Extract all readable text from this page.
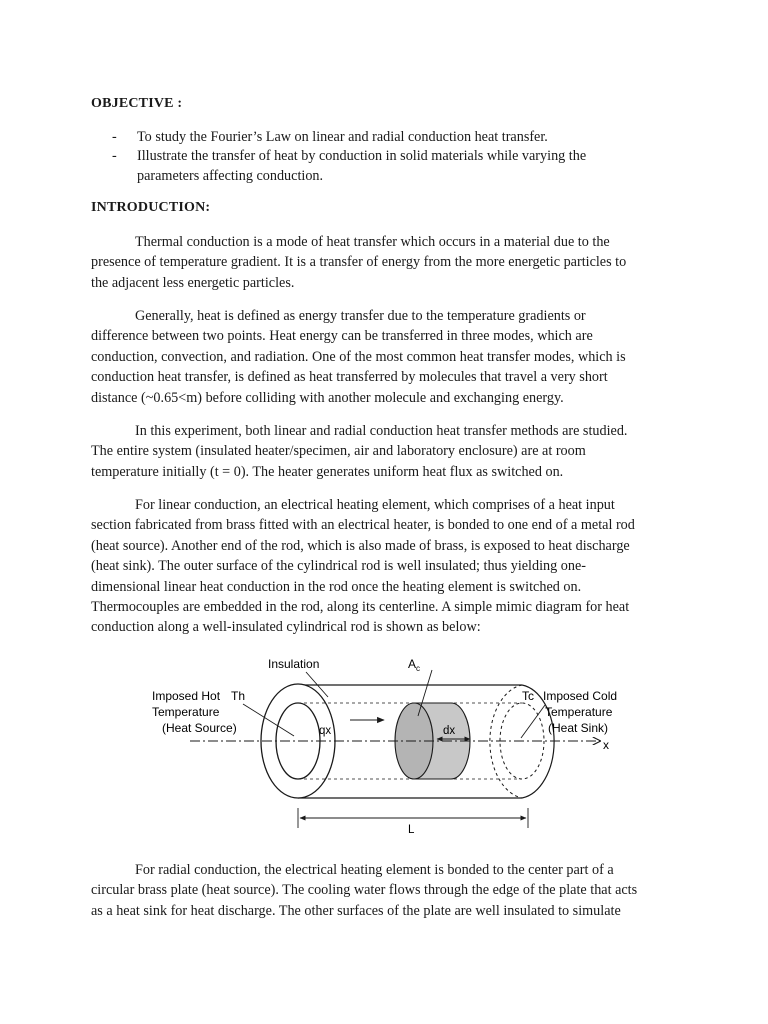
OBJECTIVE :
- To study the Fourier’s Law on linear and radial conduction heat transfer.
- Illustrate the transfer of heat by conduction in solid materials while varying the
parameters affecting conduction.
INTRODUCTION:
Thermal conduction is a mode of heat transfer which occurs in a material due to the
presence of temperature gradient. It is a transfer of energy from the more energetic particles to
the adjacent less energetic particles.
Generally, heat is defined as energy transfer due to the temperature gradients or
difference between two points. Heat energy can be transferred in three modes, which are
conduction, convection, and radiation. One of the most common heat transfer modes, which is
conduction heat transfer, is defined as heat transferred by molecules that travel a very short
distance (~0.65<m) before colliding with another molecule and exchanging energy.
In this experiment, both linear and radial conduction heat transfer methods are studied.
The entire system (insulated heater/specimen, air and laboratory enclosure) are at room
temperature initially (t = 0). The heater generates uniform heat flux as switched on.
For linear conduction, an electrical heating element, which comprises of a heat input
section fabricated from brass fitted with an electrical heater, is bonded to one end of a metal rod
(heat source). Another end of the rod, which is also made of brass, is exposed to heat discharge
(heat sink). The outer surface of the cylindrical rod is well insulated; thus yielding one-
dimensional linear heat conduction in the rod once the heating element is switched on.
Thermocouples are embedded in the rod, along its centerline. A simple mimic diagram for heat
conduction along a well-insulated cylindrical rod is shown as below:
x
qx	dx
Insulation	$A_c$
Imposed Hot
Temperature
(Heat Source)
Th	Tc Imposed Cold
Temperature
(Heat Sink)
L
For radial conduction, the electrical heating element is bonded to the center part of a
circular brass plate (heat source). The cooling water flows through the edge of the plate that acts
as a heat sink for heat discharge. The other surfaces of the plate are well insulated to simulate
